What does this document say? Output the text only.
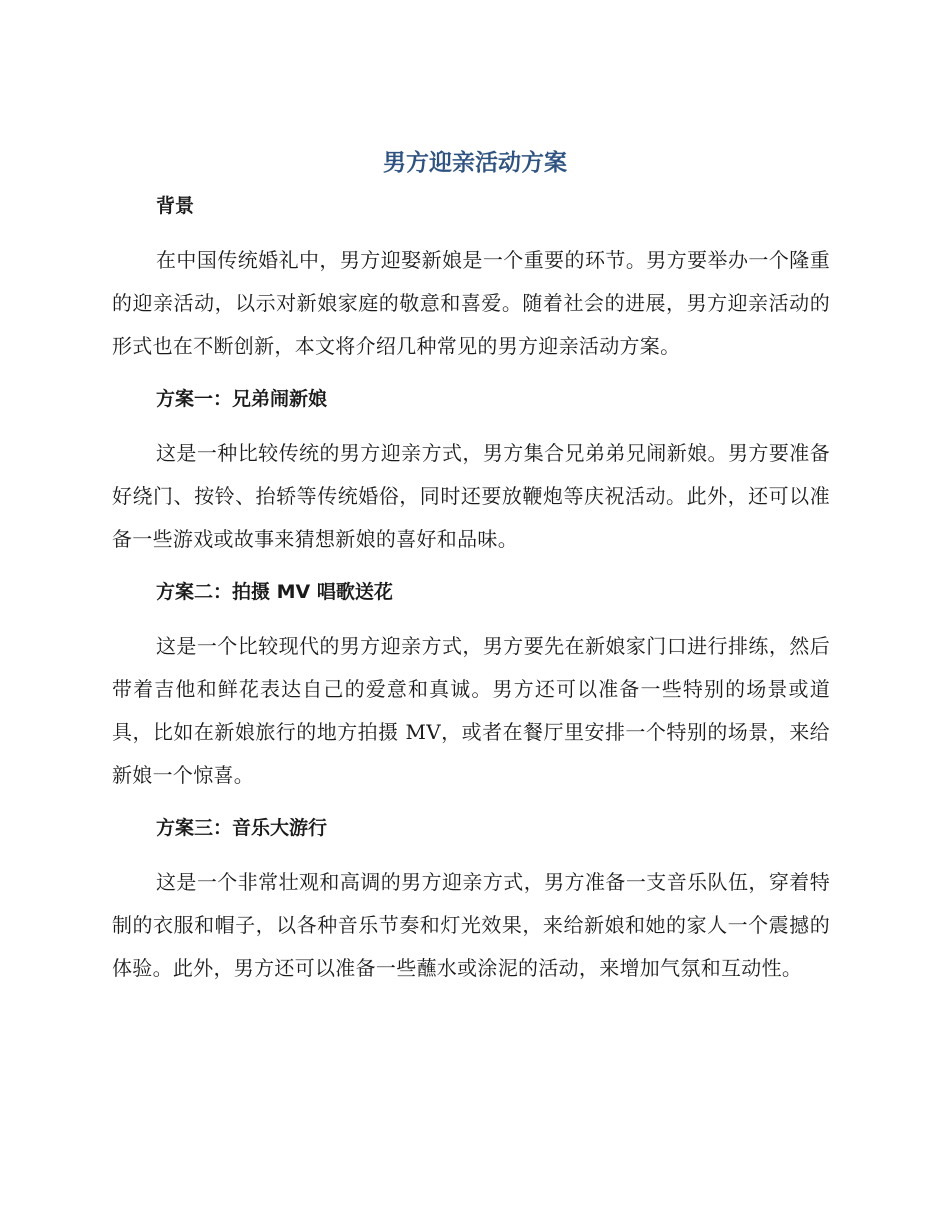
男方迎亲活动方案
背景

在中国传统婚礼中，男方迎娶新娘是一个重要的环节。男方要举办一个隆重的迎亲活动，以示对新娘家庭的敬意和喜爱。随着社会的进展，男方迎亲活动的形式也在不断创新，本文将介绍几种常见的男方迎亲活动方案。

方案一：兄弟闹新娘

这是一种比较传统的男方迎亲方式，男方集合兄弟弟兄闹新娘。男方要准备好绕门、按铃、抬轿等传统婚俗，同时还要放鞭炮等庆祝活动。此外，还可以准备一些游戏或故事来猜想新娘的喜好和品味。

方案二：拍摄 MV 唱歌送花

这是一个比较现代的男方迎亲方式，男方要先在新娘家门口进行排练，然后带着吉他和鲜花表达自己的爱意和真诚。男方还可以准备一些特别的场景或道具，比如在新娘旅行的地方拍摄 MV，或者在餐厅里安排一个特别的场景，来给新娘一个惊喜。

方案三：音乐大游行

这是一个非常壮观和高调的男方迎亲方式，男方准备一支音乐队伍，穿着特制的衣服和帽子，以各种音乐节奏和灯光效果，来给新娘和她的家人一个震撼的体验。此外，男方还可以准备一些蘸水或涂泥的活动，来增加气氛和互动性。
